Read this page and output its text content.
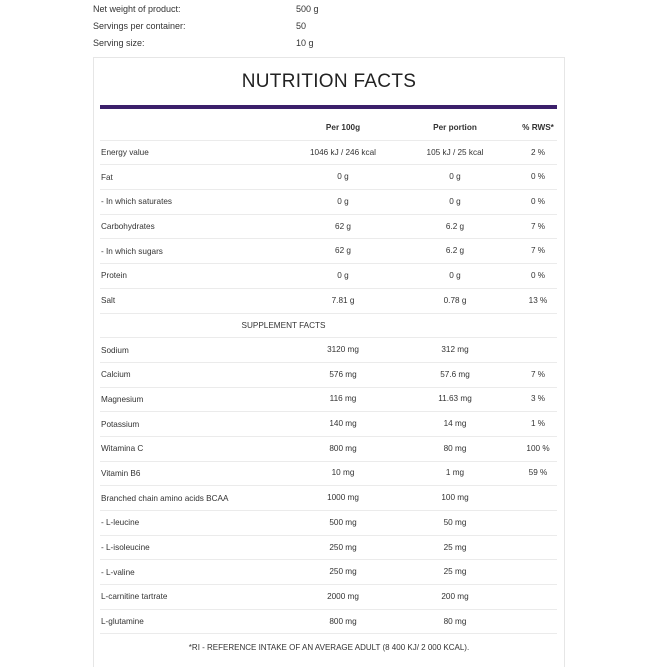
Net weight of product:	500 g
Servings per container:	50
Serving size:	10 g
NUTRITION FACTS
Per 100g	Per portion	% RWS*
Energy value	1046 kJ / 246 kcal	105 kJ / 25 kcal	2 %
Fat	0 g	0 g	0 %
- In which saturates	0 g	0 g	0 %
Carbohydrates	62 g	6.2 g	7 %
- In which sugars	62 g	6.2 g	7 %
Protein	0 g	0 g	0 %
Salt	7.81 g	0.78 g	13 %
SUPPLEMENT FACTS
Sodium	3120 mg	312 mg
Calcium	576 mg	57.6 mg	7 %
Magnesium	116 mg	11.63 mg	3 %
Potassium	140 mg	14 mg	1 %
Witamina C	800 mg	80 mg	100 %
Vitamin B6	10 mg	1 mg	59 %
Branched chain amino acids BCAA	1000 mg	100 mg
- L-leucine	500 mg	50 mg
- L-isoleucine	250 mg	25 mg
- L-valine	250 mg	25 mg
L-carnitine tartrate	2000 mg	200 mg
L-glutamine	800 mg	80 mg
*RI - REFERENCE INTAKE OF AN AVERAGE ADULT (8 400 KJ/ 2 000 KCAL).
